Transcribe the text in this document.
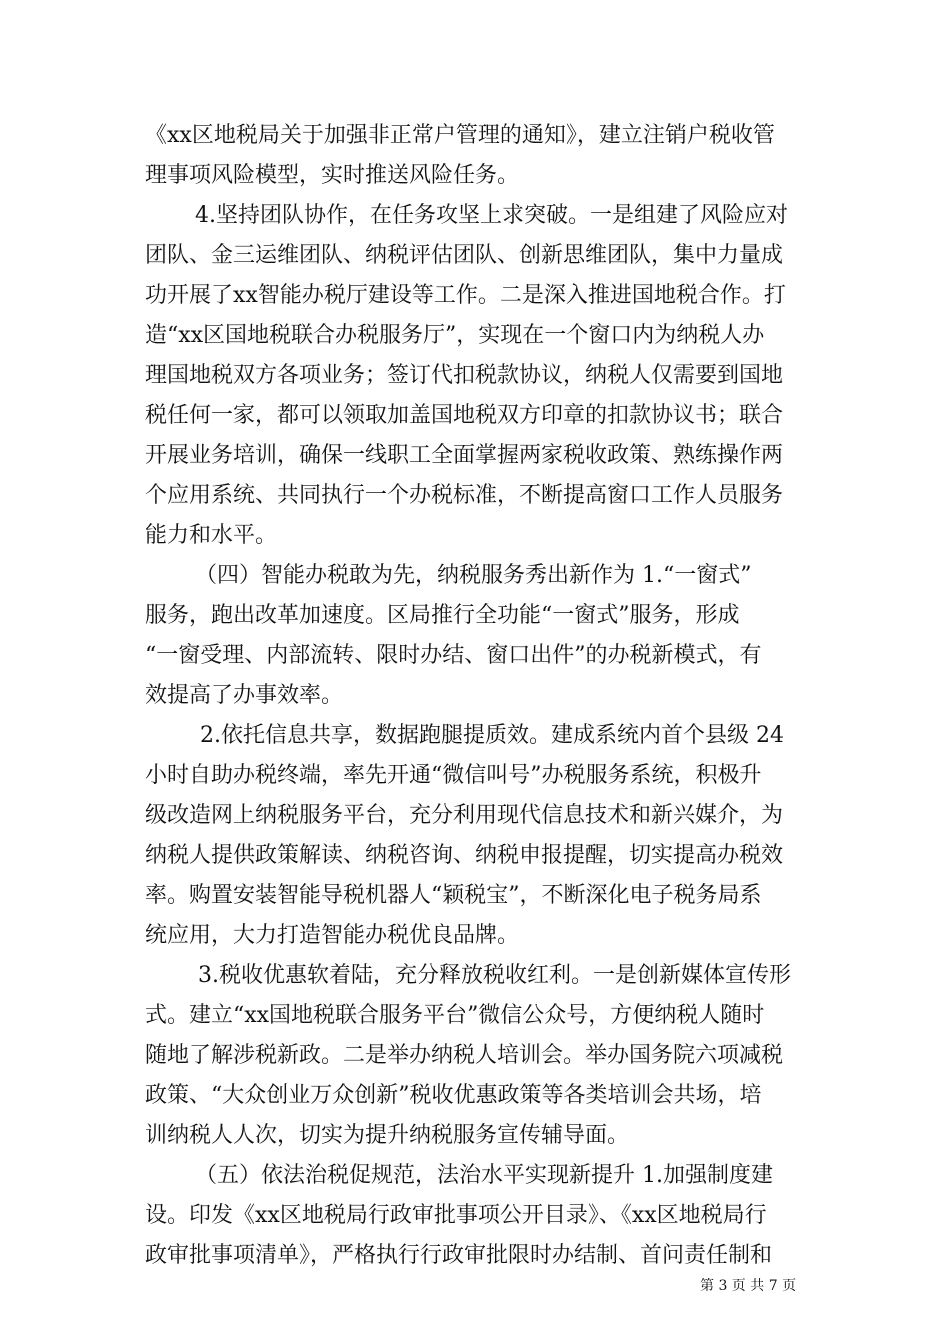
《xx区地税局关于加强非正常户管理的通知》，建立注销户税收管
理事项风险模型，实时推送风险任务。
4.坚持团队协作，在任务攻坚上求突破。一是组建了风险应对
团队、金三运维团队、纳税评估团队、创新思维团队，集中力量成
功开展了xx智能办税厅建设等工作。二是深入推进国地税合作。打
造“xx区国地税联合办税服务厅”，实现在一个窗口内为纳税人办
理国地税双方各项业务；签订代扣税款协议，纳税人仅需要到国地
税任何一家，都可以领取加盖国地税双方印章的扣款协议书；联合
开展业务培训，确保一线职工全面掌握两家税收政策、熟练操作两
个应用系统、共同执行一个办税标准，不断提高窗口工作人员服务
能力和水平。
（四）智能办税敢为先，纳税服务秀出新作为 1.“一窗式”
服务，跑出改革加速度。区局推行全功能“一窗式”服务，形成
“一窗受理、内部流转、限时办结、窗口出件”的办税新模式，有
效提高了办事效率。
2.依托信息共享，数据跑腿提质效。建成系统内首个县级 24
小时自助办税终端，率先开通“微信叫号”办税服务系统，积极升
级改造网上纳税服务平台，充分利用现代信息技术和新兴媒介，为
纳税人提供政策解读、纳税咨询、纳税申报提醒，切实提高办税效
率。购置安装智能导税机器人“颖税宝”，不断深化电子税务局系
统应用，大力打造智能办税优良品牌。
3.税收优惠软着陆，充分释放税收红利。一是创新媒体宣传形
式。建立“xx国地税联合服务平台”微信公众号，方便纳税人随时
随地了解涉税新政。二是举办纳税人培训会。举办国务院六项减税
政策、“大众创业万众创新”税收优惠政策等各类培训会共场，培
训纳税人人次，切实为提升纳税服务宣传辅导面。
（五）依法治税促规范，法治水平实现新提升 1.加强制度建
设。印发《xx区地税局行政审批事项公开目录》、《xx区地税局行
政审批事项清单》，严格执行行政审批限时办结制、首问责任制和
第 3 页 共 7 页
